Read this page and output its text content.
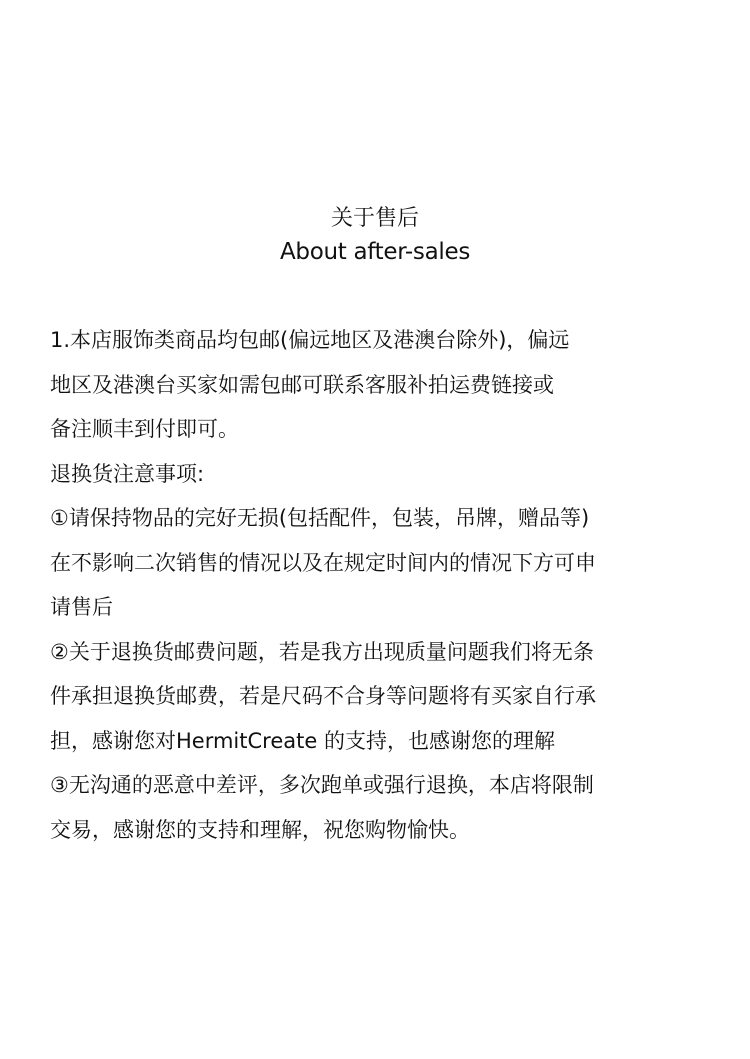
关于售后
About after-sales
1.本店服饰类商品均包邮(偏远地区及港澳台除外)，偏远
地区及港澳台买家如需包邮可联系客服补拍运费链接或
备注顺丰到付即可。
退换货注意事项:
①请保持物品的完好无损(包括配件，包装，吊牌，赠品等)
在不影响二次销售的情况以及在规定时间内的情况下方可申
请售后
②关于退换货邮费问题，若是我方出现质量问题我们将无条
件承担退换货邮费，若是尺码不合身等问题将有买家自行承
担，感谢您对HermitCreate 的支持，也感谢您的理解
③无沟通的恶意中差评，多次跑单或强行退换，本店将限制
交易，感谢您的支持和理解，祝您购物愉快。
